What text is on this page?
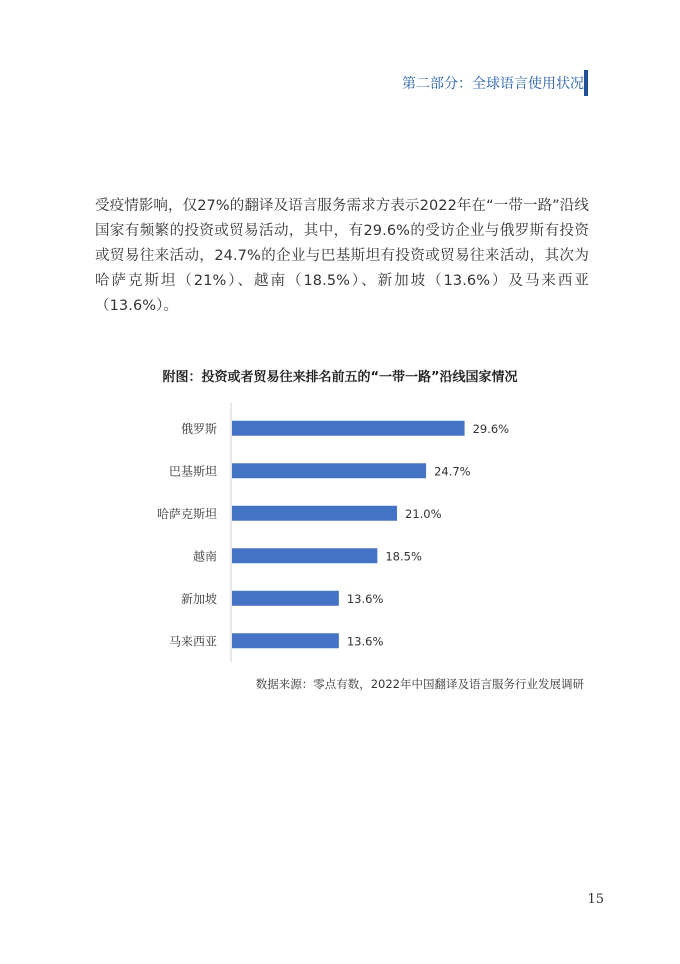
第二部分：全球语言使用状况
受疫情影响，仅27%的翻译及语言服务需求方表示2022年在“一带一路”沿线国家有频繁的投资或贸易活动，其中，有29.6%的受访企业与俄罗斯有投资或贸易往来活动，24.7%的企业与巴基斯坦有投资或贸易往来活动，其次为哈萨克斯坦（21%）、越南（18.5%）、新加坡（13.6%）及马来西亚（13.6%）。
附图：投资或者贸易往来排名前五的“一带一路”沿线国家情况
俄罗斯	29.6%
巴基斯坦	24.7%
哈萨克斯坦	21.0%
越南	18.5%
新加坡	13.6%
马来西亚	13.6%
数据来源：零点有数，2022年中国翻译及语言服务行业发展调研
15
